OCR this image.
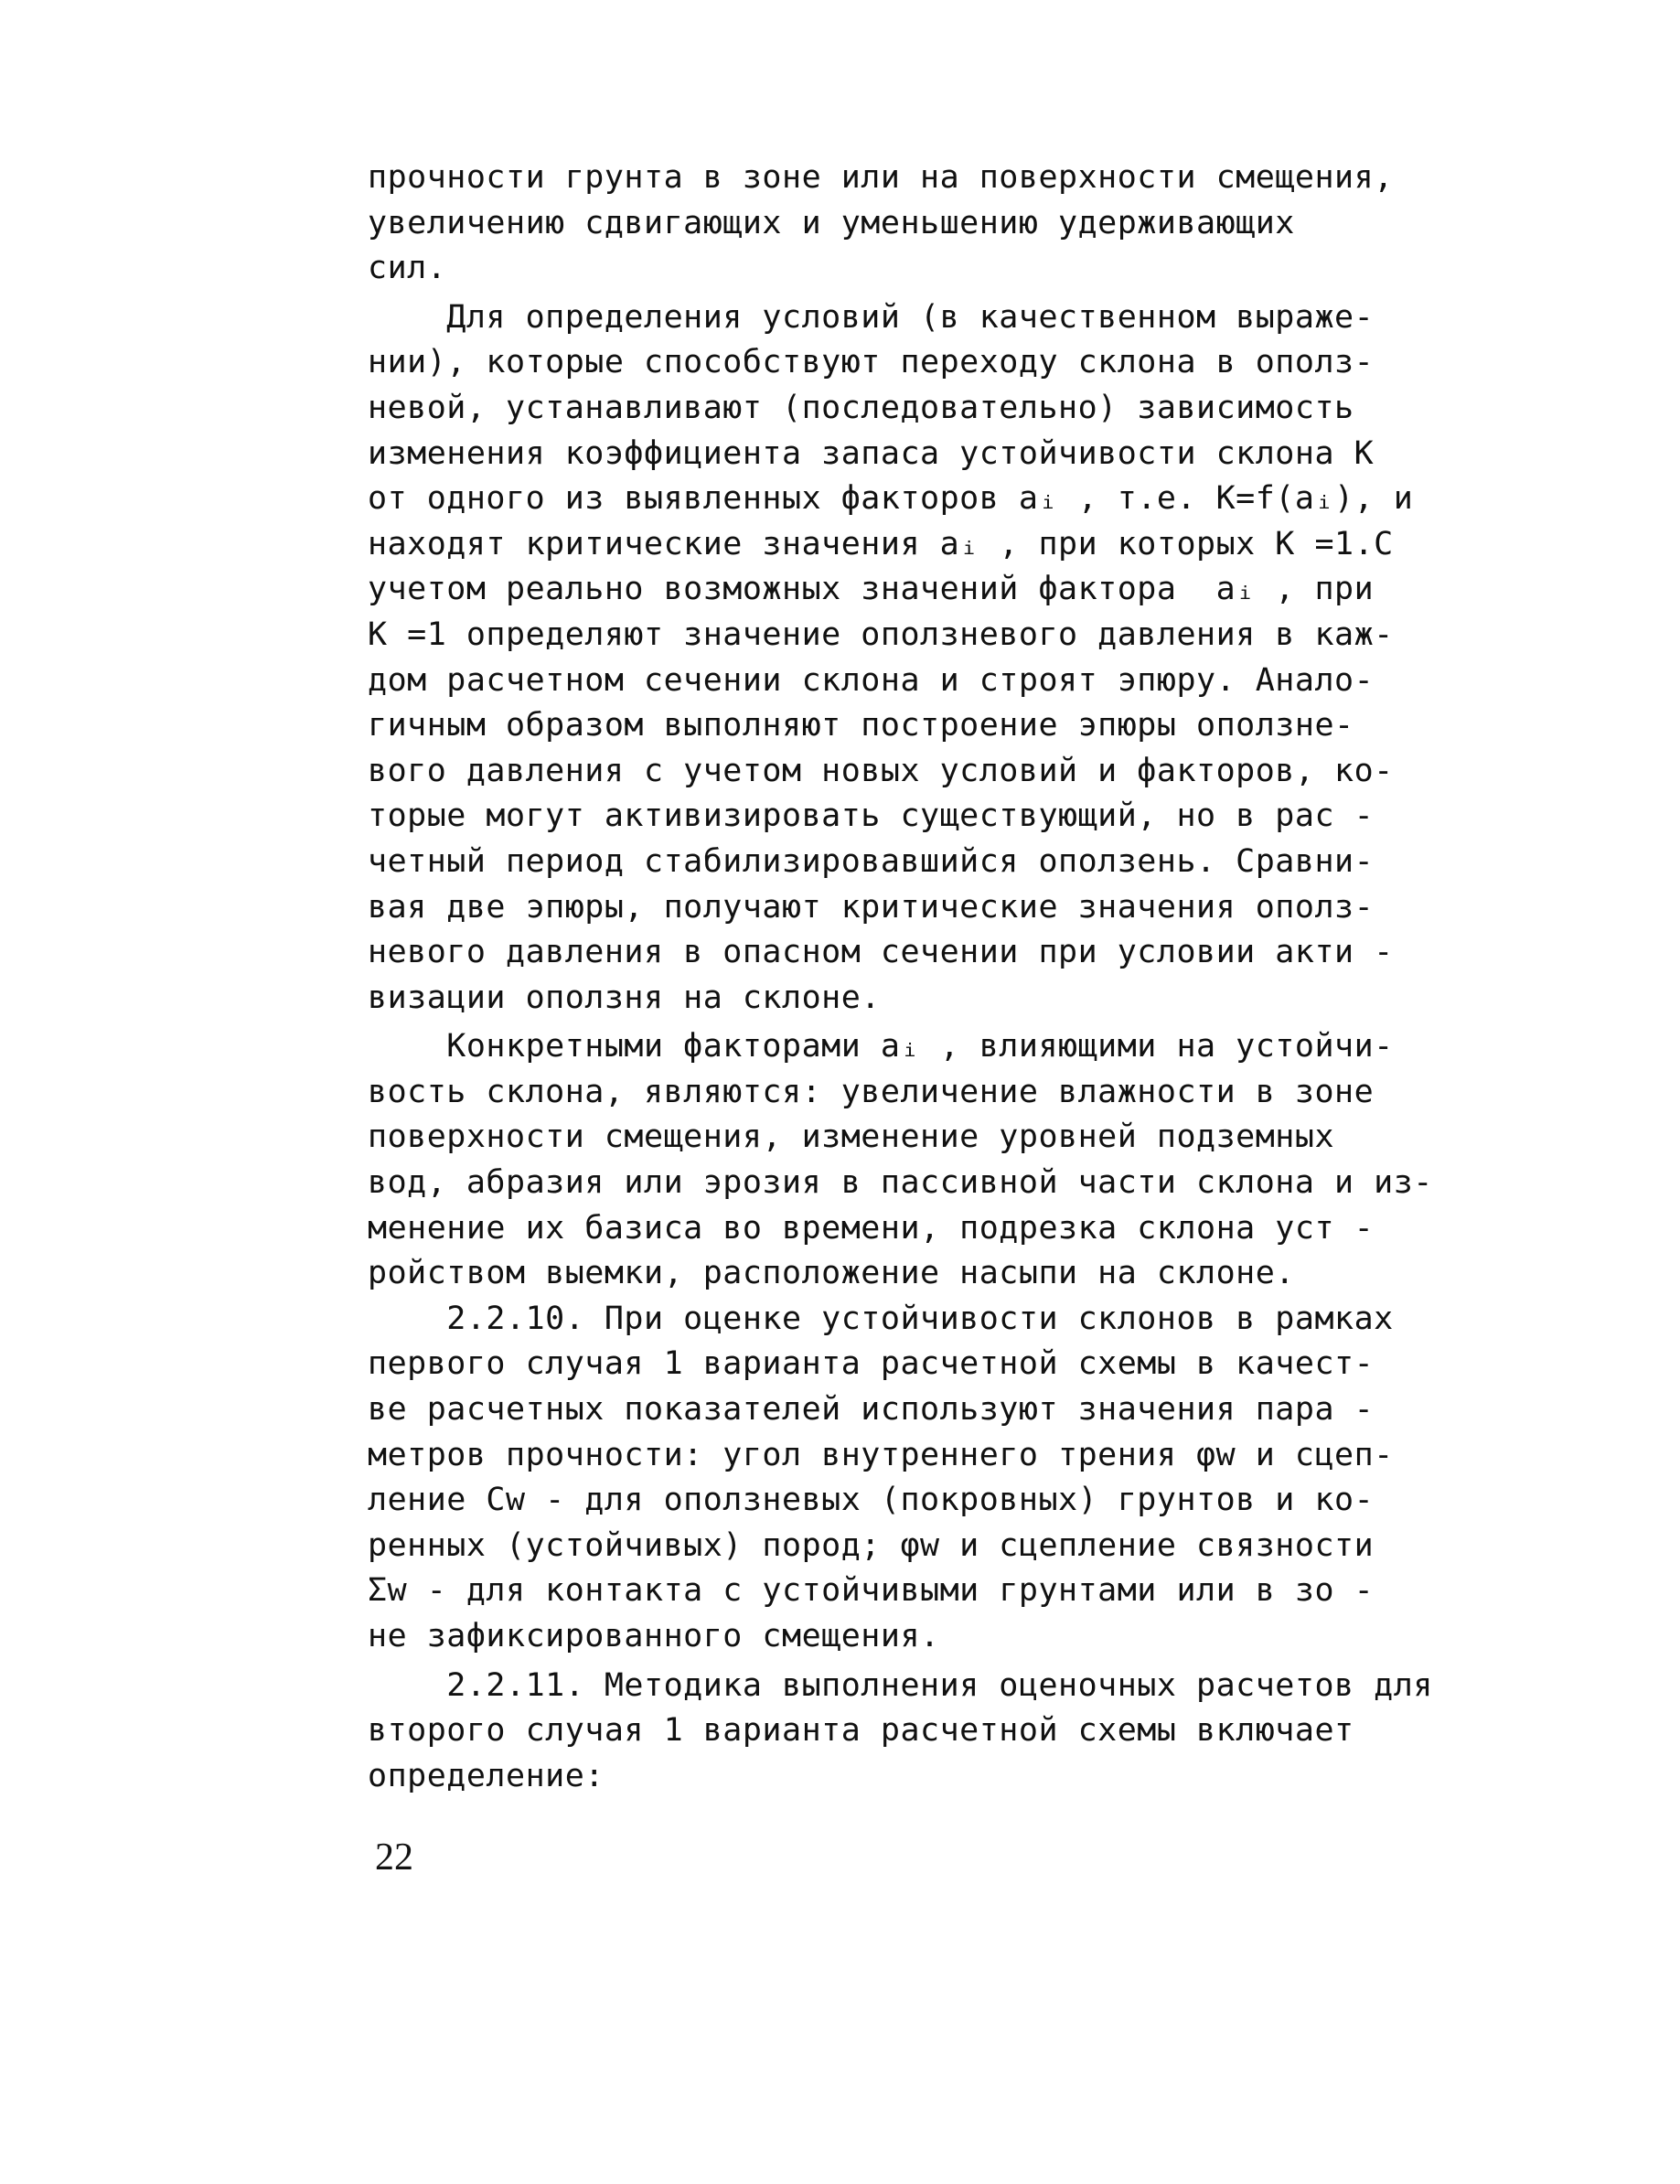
прочности грунта в зоне или на поверхности смещения,
увеличению сдвигающих и уменьшению удерживающих
сил.
Для определения условий (в качественном выраже-
нии), которые способствуют переходу склона в ополз-
невой, устанавливают (последовательно) зависимость
изменения коэффициента запаса устойчивости склона K
от одного из выявленных факторов aᵢ , т.е. K=f(aᵢ), и
находят критические значения aᵢ , при которых K =1.С
учетом реально возможных значений фактора  aᵢ , при
K =1 определяют значение оползневого давления в каж-
дом расчетном сечении склона и строят эпюру. Анало-
гичным образом выполняют построение эпюры оползне-
вого давления с учетом новых условий и факторов, ко-
торые могут активизировать существующий, но в рас -
четный период стабилизировавшийся оползень. Сравни-
вая две эпюры, получают критические значения ополз-
невого давления в опасном сечении при условии акти -
визации оползня на склоне.
Конкретными факторами aᵢ , влияющими на устойчи-
вость склона, являются: увеличение влажности в зоне
поверхности смещения, изменение уровней подземных
вод, абразия или эрозия в пассивной части склона и из-
менение их базиса во времени, подрезка склона уст -
ройством выемки, расположение насыпи на склоне.
2.2.10. При оценке устойчивости склонов в рамках
первого случая 1 варианта расчетной схемы в качест-
ве расчетных показателей используют значения пара -
метров прочности: угол внутреннего трения φw и сцеп-
ление Cw - для оползневых (покровных) грунтов и ко-
ренных (устойчивых) пород; φw и сцепление связности
Σw - для контакта с устойчивыми грунтами или в зо -
не зафиксированного смещения.
2.2.11. Методика выполнения оценочных расчетов для
второго случая 1 варианта расчетной схемы включает
определение:
22
